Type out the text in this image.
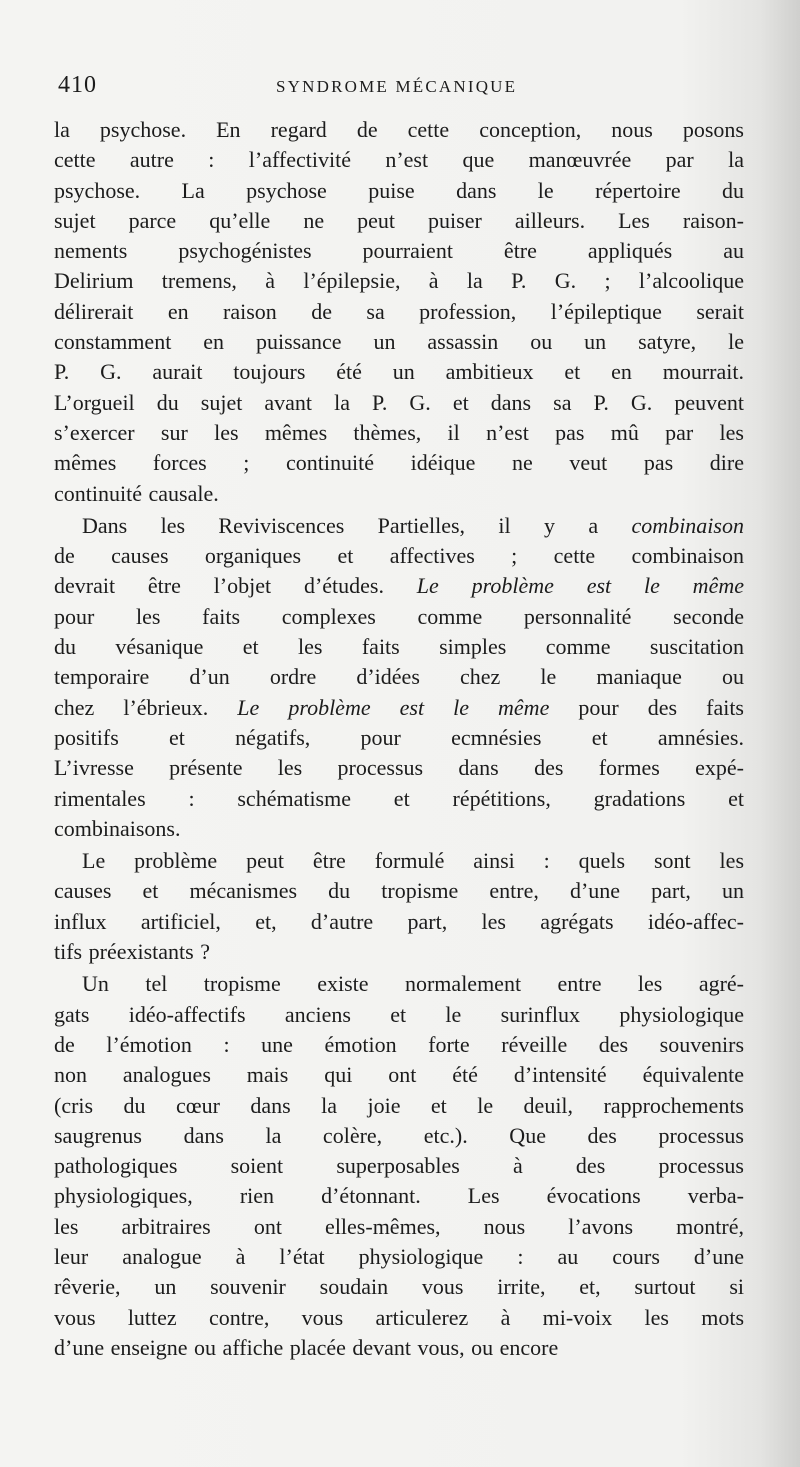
410	SYNDROME MÉCANIQUE
la psychose. En regard de cette conception, nous posons
cette autre : l’affectivité n’est que manœuvrée par la
psychose. La psychose puise dans le répertoire du
sujet parce qu’elle ne peut puiser ailleurs. Les raison-
nements psychogénistes pourraient être appliqués au
Delirium tremens, à l’épilepsie, à la P. G. ; l’alcoolique
délirerait en raison de sa profession, l’épileptique serait
constamment en puissance un assassin ou un satyre, le
P. G. aurait toujours été un ambitieux et en mourrait.
L’orgueil du sujet avant la P. G. et dans sa P. G. peuvent
s’exercer sur les mêmes thèmes, il n’est pas mû par les
mêmes forces ; continuité idéique ne veut pas dire
continuité causale.
Dans les Reviviscences Partielles, il y a combinaison
de causes organiques et affectives ; cette combinaison
devrait être l’objet d’études. Le problème est le même
pour les faits complexes comme personnalité seconde
du vésanique et les faits simples comme suscitation
temporaire d’un ordre d’idées chez le maniaque ou
chez l’ébrieux. Le problème est le même pour des faits
positifs et négatifs, pour ecmnésies et amnésies.
L’ivresse présente les processus dans des formes expé-
rimentales : schématisme et répétitions, gradations et
combinaisons.
Le problème peut être formulé ainsi : quels sont les
causes et mécanismes du tropisme entre, d’une part, un
influx artificiel, et, d’autre part, les agrégats idéo-affec-
tifs préexistants ?
Un tel tropisme existe normalement entre les agré-
gats idéo-affectifs anciens et le surinflux physiologique
de l’émotion : une émotion forte réveille des souvenirs
non analogues mais qui ont été d’intensité équivalente
(cris du cœur dans la joie et le deuil, rapprochements
saugrenus dans la colère, etc.). Que des processus
pathologiques soient superposables à des processus
physiologiques, rien d’étonnant. Les évocations verba-
les arbitraires ont elles-mêmes, nous l’avons montré,
leur analogue à l’état physiologique : au cours d’une
rêverie, un souvenir soudain vous irrite, et, surtout si
vous luttez contre, vous articulerez à mi-voix les mots
d’une enseigne ou affiche placée devant vous, ou encore
